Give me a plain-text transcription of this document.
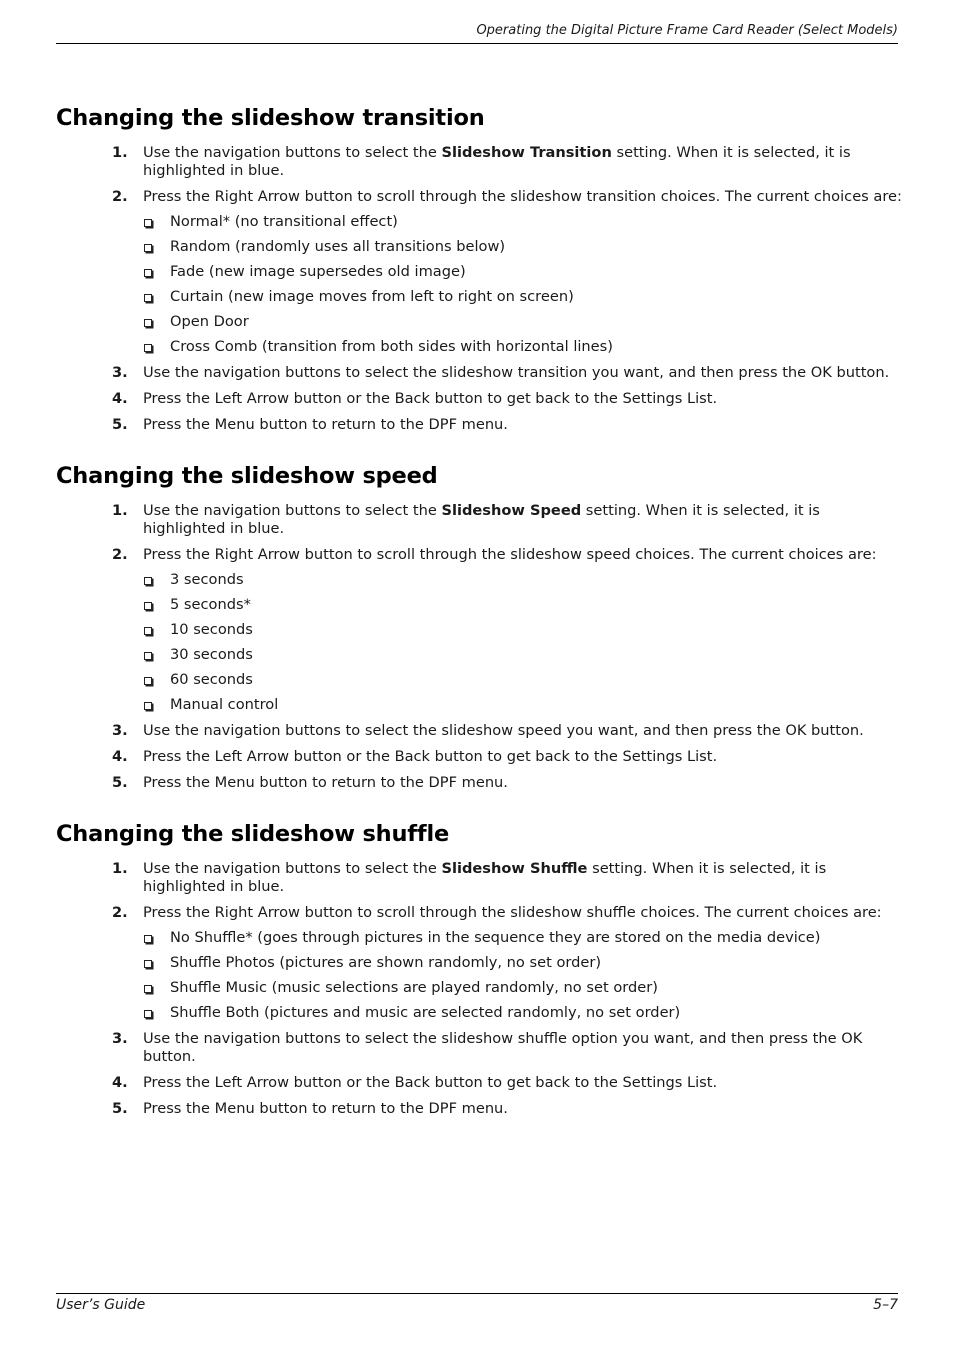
Operating the Digital Picture Frame Card Reader (Select Models)
Changing the slideshow transition
1. Use the navigation buttons to select the Slideshow Transition setting. When it is selected, it is highlighted in blue.
2. Press the Right Arrow button to scroll through the slideshow transition choices. The current choices are:
Normal* (no transitional effect)
Random (randomly uses all transitions below)
Fade (new image supersedes old image)
Curtain (new image moves from left to right on screen)
Open Door
Cross Comb (transition from both sides with horizontal lines)
3. Use the navigation buttons to select the slideshow transition you want, and then press the OK button.
4. Press the Left Arrow button or the Back button to get back to the Settings List.
5. Press the Menu button to return to the DPF menu.
Changing the slideshow speed
1. Use the navigation buttons to select the Slideshow Speed setting. When it is selected, it is highlighted in blue.
2. Press the Right Arrow button to scroll through the slideshow speed choices. The current choices are:
3 seconds
5 seconds*
10 seconds
30 seconds
60 seconds
Manual control
3. Use the navigation buttons to select the slideshow speed you want, and then press the OK button.
4. Press the Left Arrow button or the Back button to get back to the Settings List.
5. Press the Menu button to return to the DPF menu.
Changing the slideshow shuffle
1. Use the navigation buttons to select the Slideshow Shuffle setting. When it is selected, it is highlighted in blue.
2. Press the Right Arrow button to scroll through the slideshow shuffle choices. The current choices are:
No Shuffle* (goes through pictures in the sequence they are stored on the media device)
Shuffle Photos (pictures are shown randomly, no set order)
Shuffle Music (music selections are played randomly, no set order)
Shuffle Both (pictures and music are selected randomly, no set order)
3. Use the navigation buttons to select the slideshow shuffle option you want, and then press the OK button.
4. Press the Left Arrow button or the Back button to get back to the Settings List.
5. Press the Menu button to return to the DPF menu.
User’s Guide	5–7
